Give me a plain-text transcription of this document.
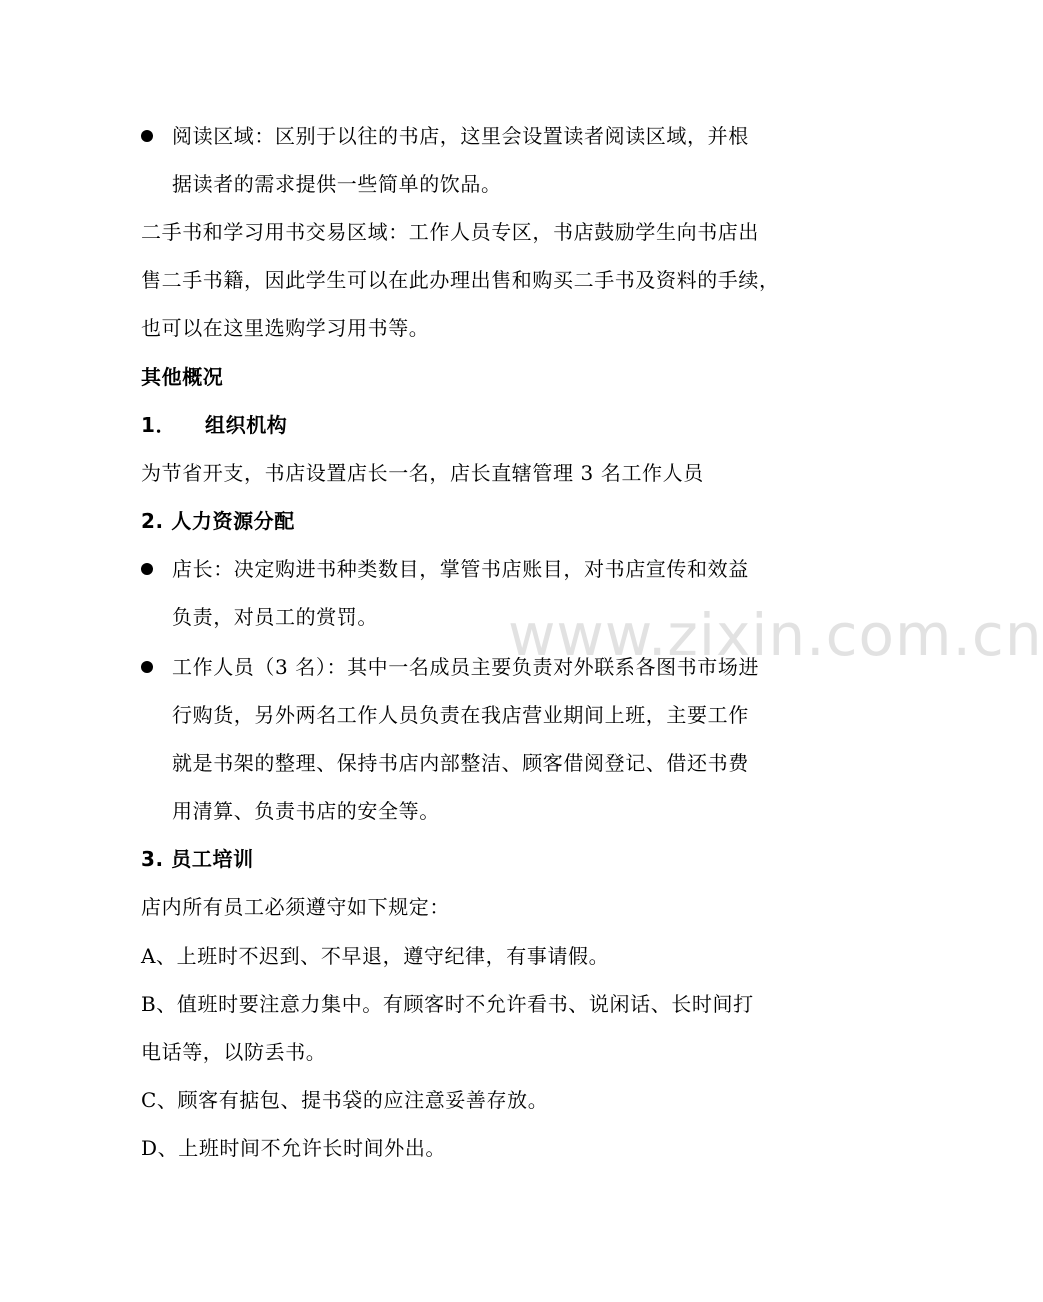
阅读区域：区别于以往的书店，这里会设置读者阅读区域，并根
据读者的需求提供一些简单的饮品。
二手书和学习用书交易区域：工作人员专区，书店鼓励学生向书店出
售二手书籍，因此学生可以在此办理出售和购买二手书及资料的手续，
也可以在这里选购学习用书等。
其他概况
1． 组织机构
为节省开支，书店设置店长一名，店长直辖管理 3 名工作人员
2. 人力资源分配
店长：决定购进书种类数目，掌管书店账目，对书店宣传和效益
负责，对员工的赏罚。
工作人员（3 名）：其中一名成员主要负责对外联系各图书市场进
行购货，另外两名工作人员负责在我店营业期间上班，主要工作
就是书架的整理、保持书店内部整洁、顾客借阅登记、借还书费
用清算、负责书店的安全等。
3. 员工培训
店内所有员工必须遵守如下规定：
A、上班时不迟到、不早退，遵守纪律，有事请假。
B、值班时要注意力集中。有顾客时不允许看书、说闲话、长时间打
电话等，以防丢书。
C、顾客有掂包、提书袋的应注意妥善存放。
D、上班时间不允许长时间外出。
www.zixin.com.cn
